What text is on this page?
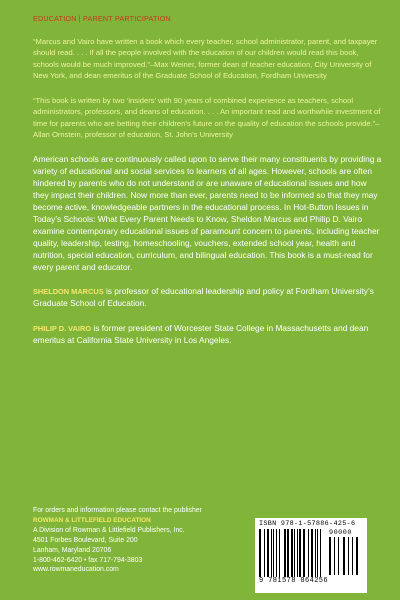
EDUCATION | PARENT PARTICIPATION

“Marcus and Vairo have written a book which every teacher, school administrator, parent, and taxpayer should read. . . . If all the people involved with the education of our children would read this book, schools would be much improved.”–Max Weiner, former dean of teacher education, City University of New York, and dean emeritus of the Graduate School of Education, Fordham University

“This book is written by two ‘insiders’ with 90 years of combined experience as teachers, school administrators, professors, and deans of education. . . . An important read and worthwhile investment of time for parents who are betting their children’s future on the quality of education the schools provide.”–Allan Ornstein, professor of education, St. John’s University

American schools are continuously called upon to serve their many constituents by providing a variety of educational and social services to learners of all ages. However, schools are often hindered by parents who do not understand or are unaware of educational issues and how they impact their children. Now more than ever, parents need to be informed so that they may become active, knowledgeable partners in the educational process. In Hot-Button Issues in Today’s Schools: What Every Parent Needs to Know, Sheldon Marcus and Philip D. Vairo examine contemporary educational issues of paramount concern to parents, including teacher quality, leadership, testing, homeschooling, vouchers, extended school year, health and nutrition, special education, curriculum, and bilingual education. This book is a must-read for every parent and educator.

SHELDON MARCUS is professor of educational leadership and policy at Fordham University’s Graduate School of Education.

PHILIP D. VAIRO is former president of Worcester State College in Massachusetts and dean emeritus at California State University in Los Angeles.

For orders and information please contact the publisher
ROWMAN & LITTLEFIELD EDUCATION
A Division of Rowman & Littlefield Publishers, Inc.
4501 Forbes Boulevard, Suite 200
Lanham, Maryland 20706
1-800-462-6420 • fax 717-794-3803
www.rowmaneducation.com
ISBN 978-1-57886-425-6
90000
9 781578 864256
